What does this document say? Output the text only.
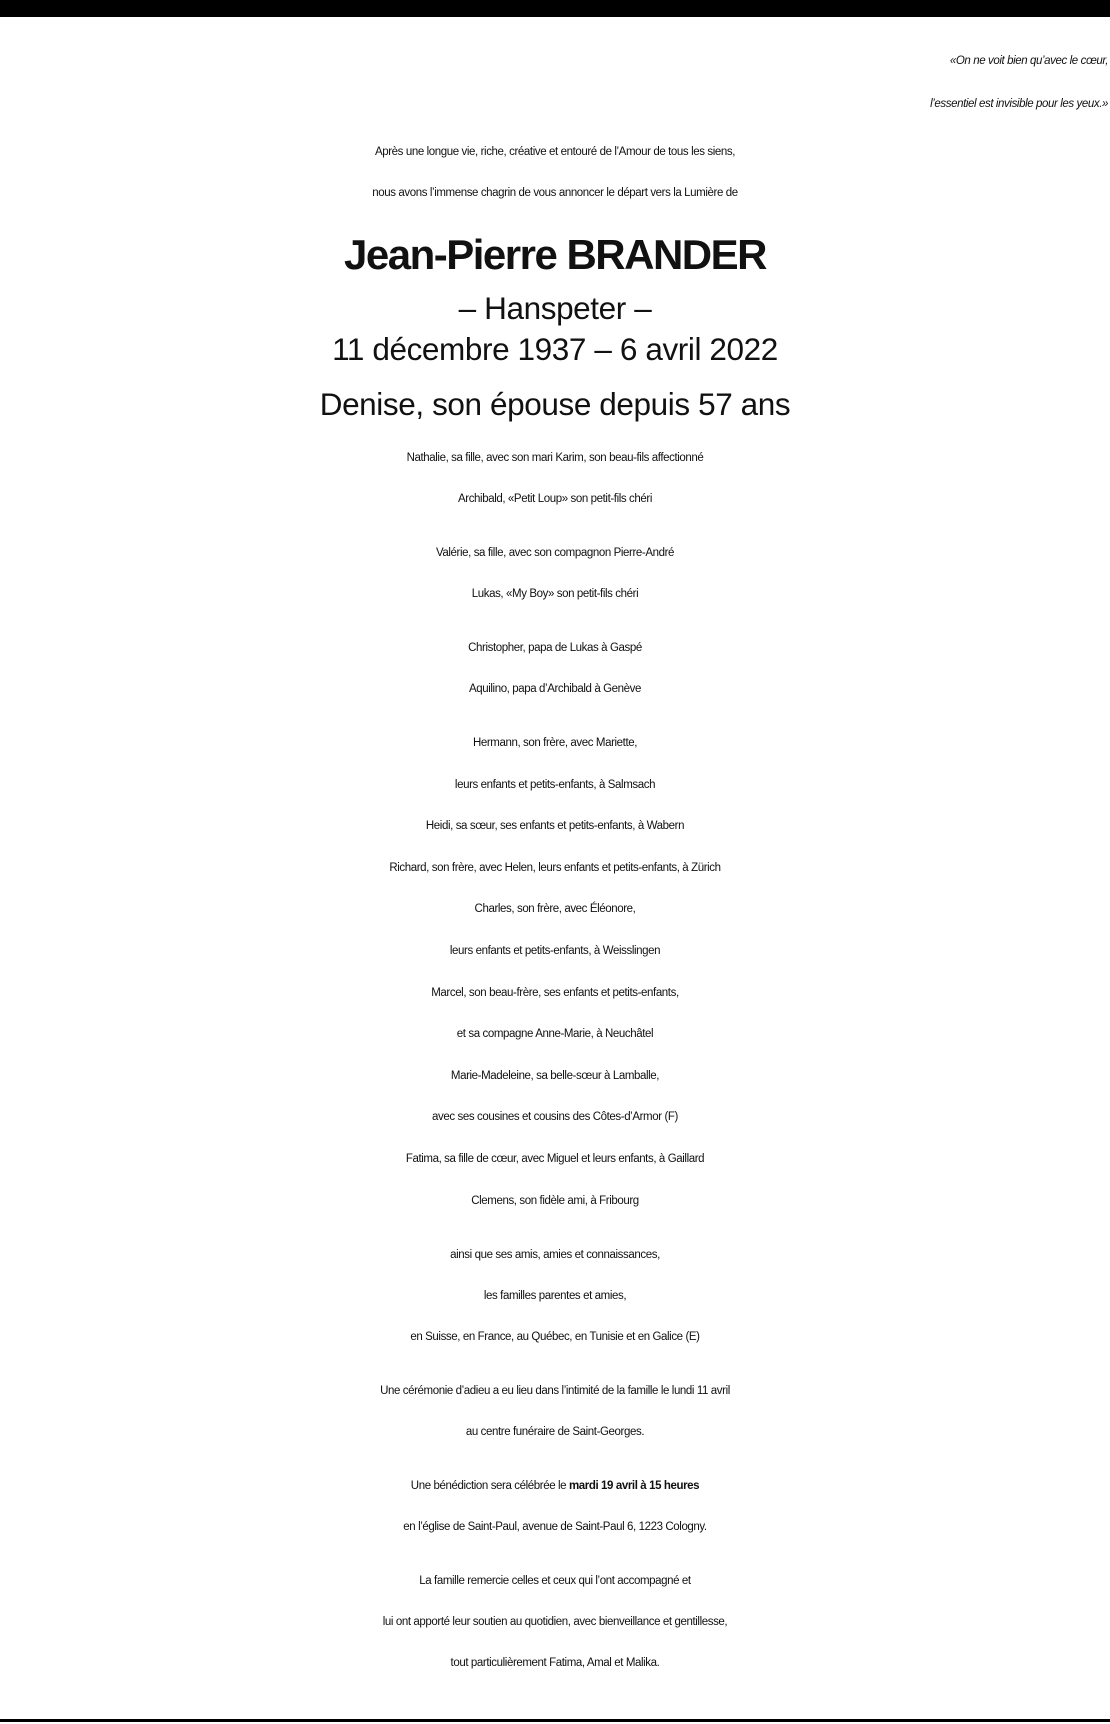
«On ne voit bien qu’avec le cœur,
l’essentiel est invisible pour les yeux.»

Après une longue vie, riche, créative et entouré de l’Amour de tous les siens,
nous avons l’immense chagrin de vous annoncer le départ vers la Lumière de

Jean-Pierre BRANDER

– Hanspeter –

11 décembre 1937 – 6 avril 2022

Denise, son épouse depuis 57 ans

Nathalie, sa fille, avec son mari Karim, son beau-fils affectionné
Archibald, «Petit Loup» son petit-fils chéri

Valérie, sa fille, avec son compagnon Pierre-André
Lukas, «My Boy» son petit-fils chéri

Christopher, papa de Lukas à Gaspé
Aquilino, papa d’Archibald à Genève

Hermann, son frère, avec Mariette,
leurs enfants et petits-enfants, à Salmsach
Heidi, sa sœur, ses enfants et petits-enfants, à Wabern
Richard, son frère, avec Helen, leurs enfants et petits-enfants, à Zürich
Charles, son frère, avec Éléonore,
leurs enfants et petits-enfants, à Weisslingen
Marcel, son beau-frère, ses enfants et petits-enfants,
et sa compagne Anne-Marie, à Neuchâtel
Marie-Madeleine, sa belle-sœur à Lamballe,
avec ses cousines et cousins des Côtes-d’Armor (F)
Fatima, sa fille de cœur, avec Miguel et leurs enfants, à Gaillard
Clemens, son fidèle ami, à Fribourg

ainsi que ses amis, amies et connaissances,
les familles parentes et amies,
en Suisse, en France, au Québec, en Tunisie et en Galice (E)

Une cérémonie d’adieu a eu lieu dans l’intimité de la famille le lundi 11 avril
au centre funéraire de Saint-Georges.

Une bénédiction sera célébrée le mardi 19 avril à 15 heures
en l’église de Saint-Paul, avenue de Saint-Paul 6, 1223 Cologny.

La famille remercie celles et ceux qui l’ont accompagné et
lui ont apporté leur soutien au quotidien, avec bienveillance et gentillesse,
tout particulièrement Fatima, Amal et Malika.
